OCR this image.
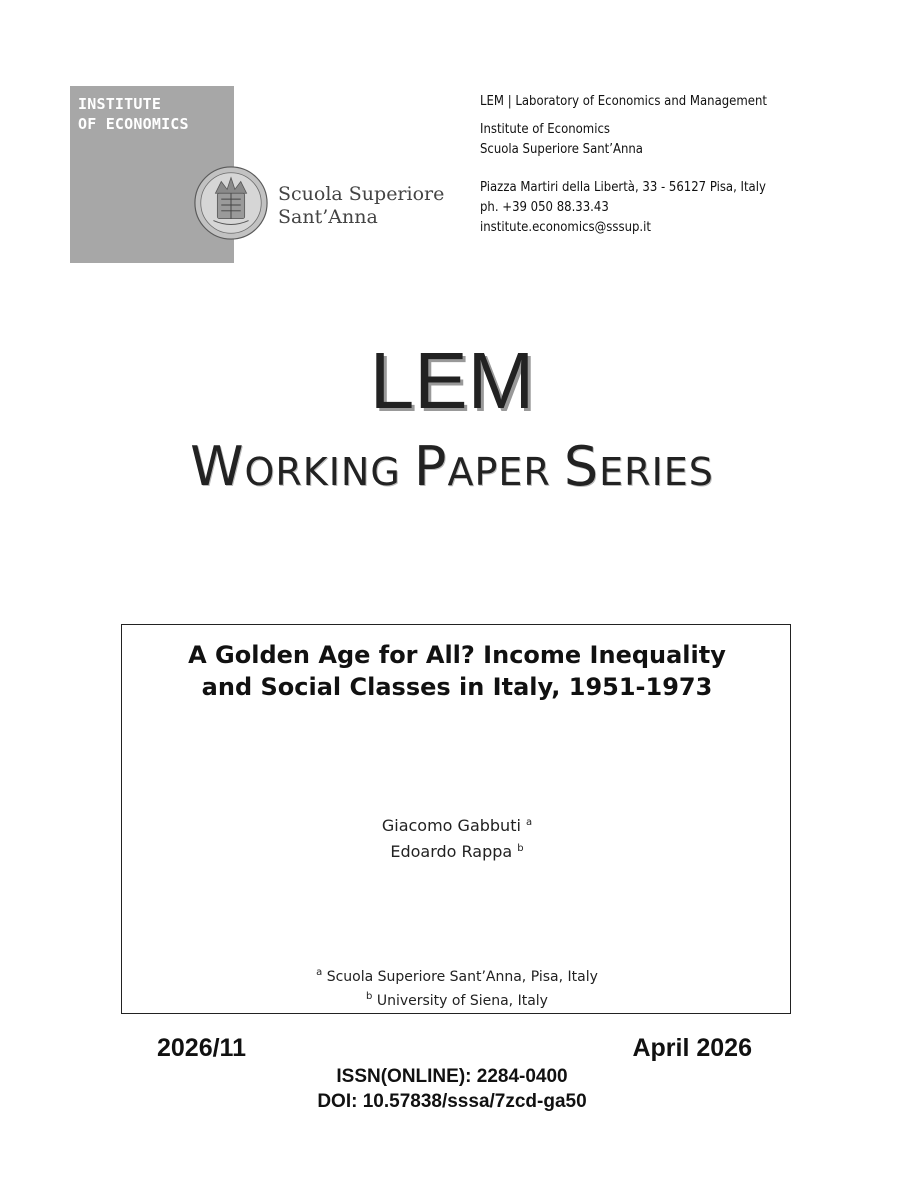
INSTITUTE
OF ECONOMICS
Scuola Superiore
Sant’Anna
LEM | Laboratory of Economics and Management
Institute of Economics
Scuola Superiore Sant’Anna
Piazza Martiri della Libertà, 33 - 56127 Pisa, Italy
ph. +39 050 88.33.43
institute.economics@sssup.it
LEM
WORKING PAPER SERIES
A Golden Age for All? Income Inequality
and Social Classes in Italy, 1951-1973
Giacomo Gabbuti $^a$
Edoardo Rappa $^b$
$^a$ Scuola Superiore Sant’Anna, Pisa, Italy
$^b$ University of Siena, Italy
2026/11	April 2026
ISSN(ONLINE): 2284-0400
DOI: 10.57838/sssa/7zcd-ga50
